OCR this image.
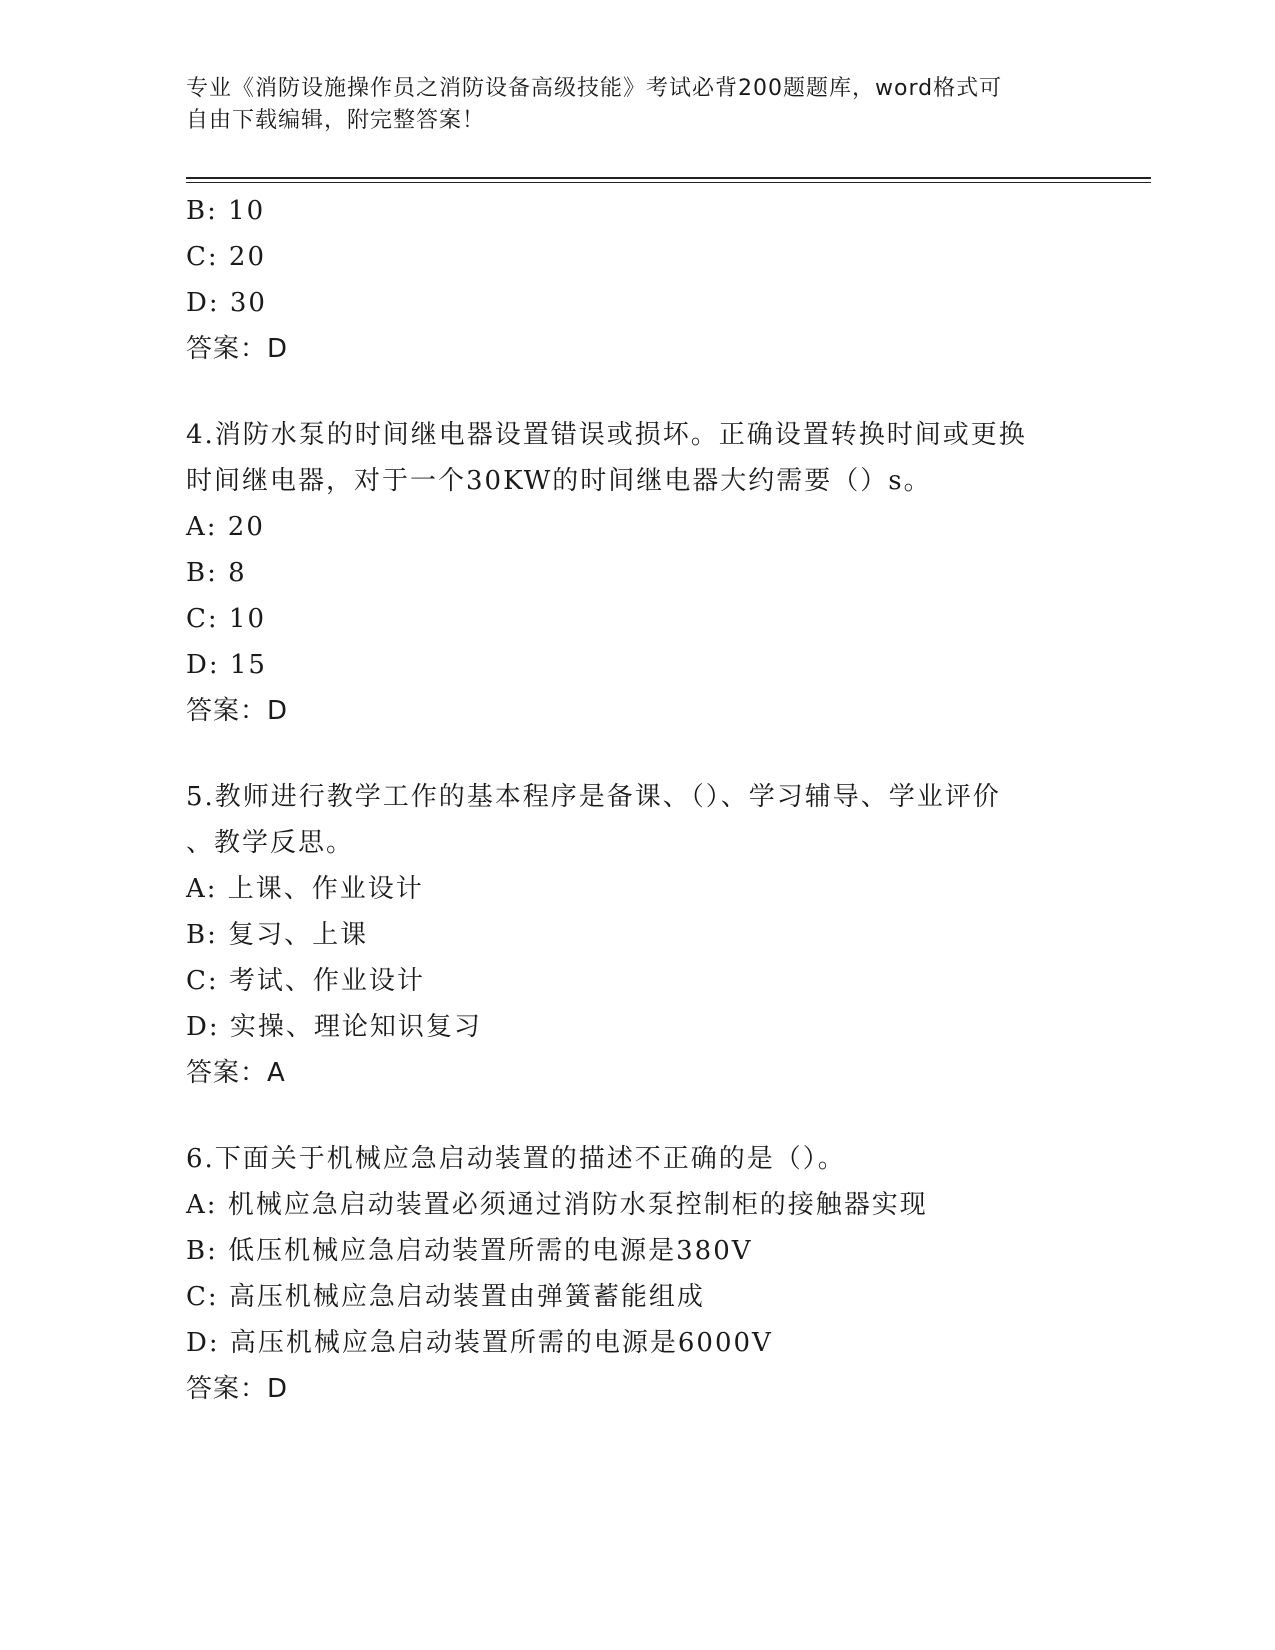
专业《消防设施操作员之消防设备高级技能》考试必背200题题库，word格式可
自由下载编辑，附完整答案！
B: 10
C: 20
D: 30
答案：D
4.消防水泵的时间继电器设置错误或损坏。正确设置转换时间或更换
时间继电器，对于一个30KW的时间继电器大约需要（）s。
A: 20
B: 8
C: 10
D: 15
答案：D
5.教师进行教学工作的基本程序是备课、（）、学习辅导、学业评价
、教学反思。
A: 上课、作业设计
B: 复习、上课
C: 考试、作业设计
D: 实操、理论知识复习
答案：A
6.下面关于机械应急启动装置的描述不正确的是（）。
A: 机械应急启动装置必须通过消防水泵控制柜的接触器实现
B: 低压机械应急启动装置所需的电源是380V
C: 高压机械应急启动装置由弹簧蓄能组成
D: 高压机械应急启动装置所需的电源是6000V
答案：D
